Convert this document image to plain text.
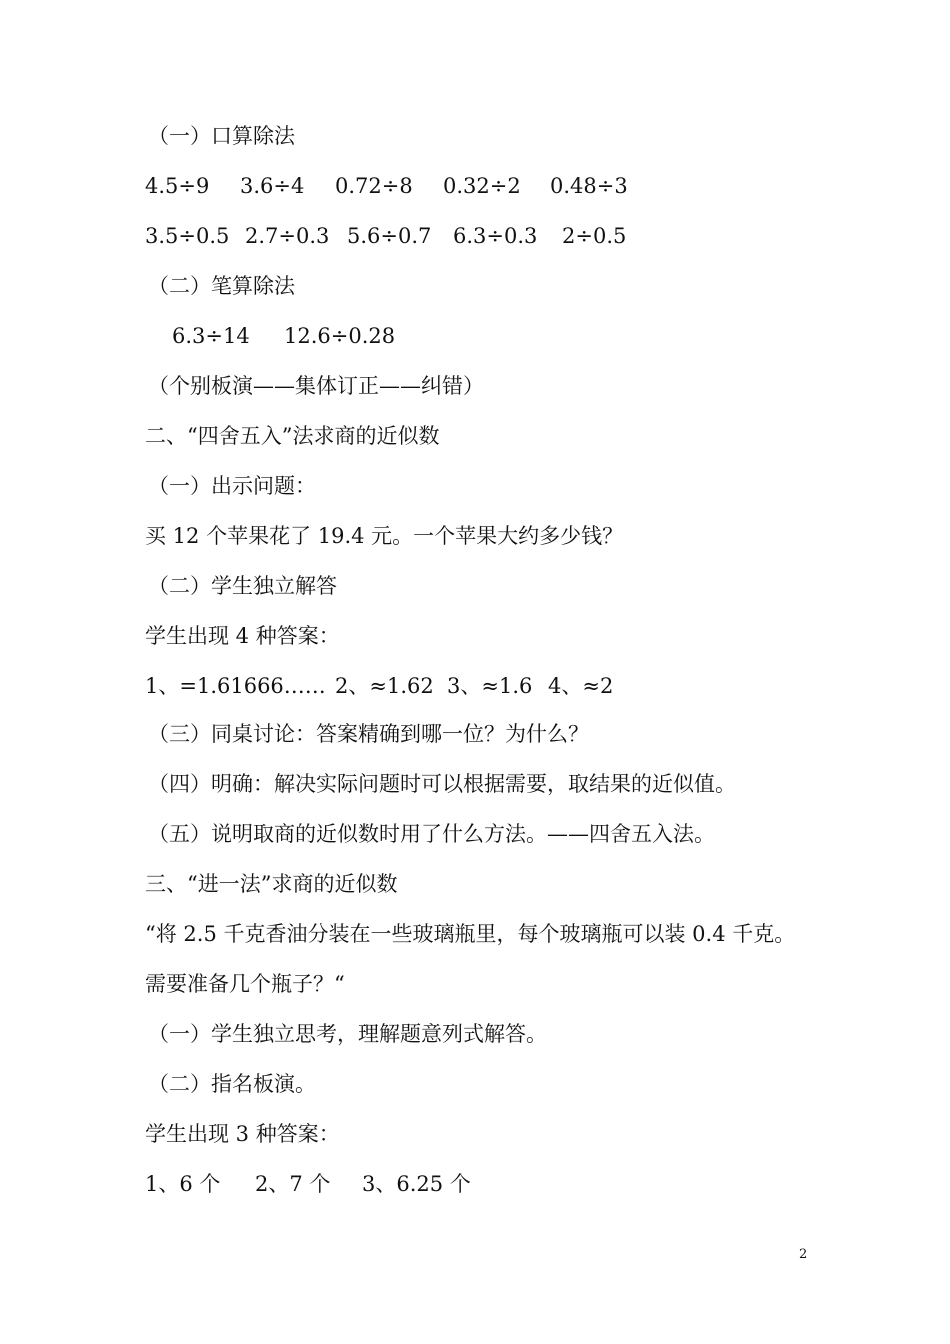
（一）口算除法
4.5÷9 3.6÷4 0.72÷8 0.32÷2 0.48÷3
3.5÷0.5 2.7÷0.3 5.6÷0.7 6.3÷0.3 2÷0.5
（二）笔算除法
6.3÷14 12.6÷0.28
（个别板演——集体订正——纠错）
二、“四舍五入”法求商的近似数
（一）出示问题：
买 12 个苹果花了 19.4 元。一个苹果大约多少钱？
（二）学生独立解答
学生出现 4 种答案：
1、=1.61666…… 2、≈1.62 3、≈1.6 4、≈2
（三）同桌讨论：答案精确到哪一位？为什么？
（四）明确：解决实际问题时可以根据需要，取结果的近似值。
（五）说明取商的近似数时用了什么方法。——四舍五入法。
三、“进一法”求商的近似数
“将 2.5 千克香油分装在一些玻璃瓶里，每个玻璃瓶可以装 0.4 千克。
需要准备几个瓶子？“
（一）学生独立思考，理解题意列式解答。
（二）指名板演。
学生出现 3 种答案：
1、6 个 2、7 个 3、6.25 个
2
